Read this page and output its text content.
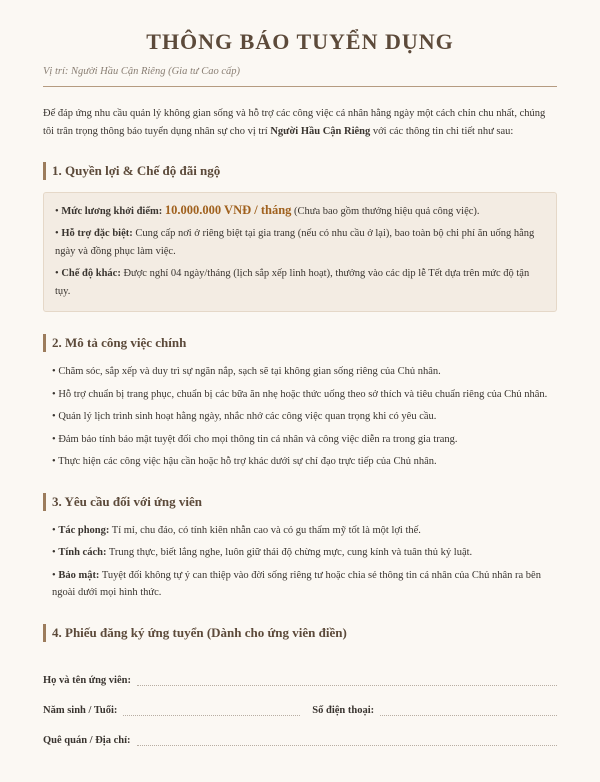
THÔNG BÁO TUYỂN DỤNG
Vị trí: Người Hầu Cận Riêng (Gia tư Cao cấp)
Để đáp ứng nhu cầu quản lý không gian sống và hỗ trợ các công việc cá nhân hằng ngày một cách chỉn chu nhất, chúng tôi trân trọng thông báo tuyển dụng nhân sự cho vị trí Người Hầu Cận Riêng với các thông tin chi tiết như sau:
1. Quyền lợi & Chế độ đãi ngộ

• Mức lương khởi điểm: 10.000.000 VNĐ / tháng (Chưa bao gồm thưởng hiệu quả công việc).

• Hỗ trợ đặc biệt: Cung cấp nơi ở riêng biệt tại gia trang (nếu có nhu cầu ở lại), bao toàn bộ chi phí ăn uống hằng ngày và đồng phục làm việc.

• Chế độ khác: Được nghỉ 04 ngày/tháng (lịch sắp xếp linh hoạt), thưởng vào các dịp lễ Tết dựa trên mức độ tận tụy.

2. Mô tả công việc chính

• Chăm sóc, sắp xếp và duy trì sự ngăn nắp, sạch sẽ tại không gian sống riêng của Chủ nhân.

• Hỗ trợ chuẩn bị trang phục, chuẩn bị các bữa ăn nhẹ hoặc thức uống theo sở thích và tiêu chuẩn riêng của Chủ nhân.

• Quản lý lịch trình sinh hoạt hằng ngày, nhắc nhở các công việc quan trọng khi có yêu cầu.

• Đảm bảo tính bảo mật tuyệt đối cho mọi thông tin cá nhân và công việc diễn ra trong gia trang.

• Thực hiện các công việc hậu cần hoặc hỗ trợ khác dưới sự chỉ đạo trực tiếp của Chủ nhân.

3. Yêu cầu đối với ứng viên

• Tác phong: Tỉ mỉ, chu đáo, có tính kiên nhẫn cao và có gu thẩm mỹ tốt là một lợi thế.

• Tính cách: Trung thực, biết lắng nghe, luôn giữ thái độ chừng mực, cung kính và tuân thủ kỷ luật.

• Bảo mật: Tuyệt đối không tự ý can thiệp vào đời sống riêng tư hoặc chia sẻ thông tin cá nhân của Chủ nhân ra bên ngoài dưới mọi hình thức.

4. Phiếu đăng ký ứng tuyển (Dành cho ứng viên điền)
Họ và tên ứng viên:
Năm sinh / Tuổi:	Số điện thoại:
Quê quán / Địa chỉ:
